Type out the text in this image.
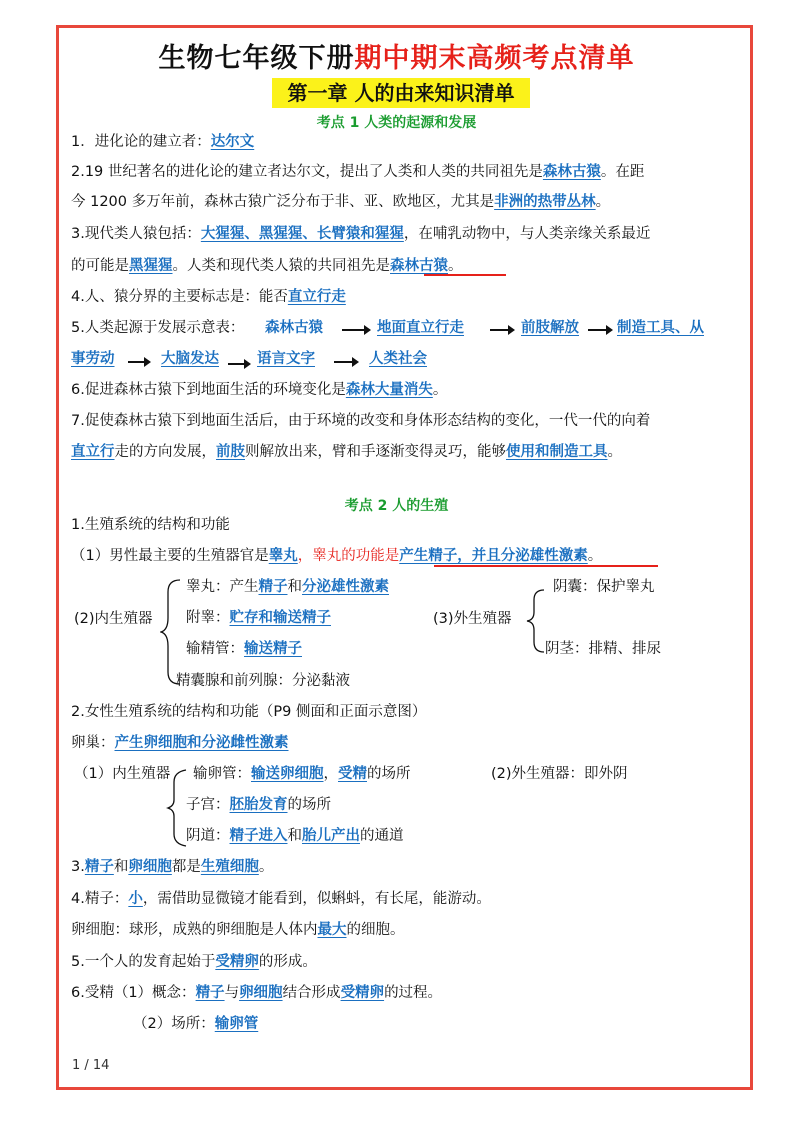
生物七年级下册期中期末高频考点清单
第一章 人的由来知识清单
考点 1 人类的起源和发展
1．进化论的建立者：达尔文
2.19 世纪著名的进化论的建立者达尔文，提出了人类和人类的共同祖先是森林古猿。在距
今 1200 多万年前，森林古猿广泛分布于非、亚、欧地区，尤其是非洲的热带丛林。
3.现代类人猿包括：大猩猩、黑猩猩、长臂猿和猩猩，在哺乳动物中，与人类亲缘关系最近
的可能是黑猩猩。人类和现代类人猿的共同祖先是森林古猿。
4.人、猿分界的主要标志是：能否直立行走
5.人类起源于发展示意表： 森林古猿	地面直立行走	前肢解放	制造工具、从
事劳动	大脑发达	语言文字	人类社会
6.促进森林古猿下到地面生活的环境变化是森林大量消失。
7.促使森林古猿下到地面生活后，由于环境的改变和身体形态结构的变化，一代一代的向着
直立行走的方向发展，前肢则解放出来，臂和手逐渐变得灵巧，能够使用和制造工具。
考点 2 人的生殖
1.生殖系统的结构和功能
（1）男性最主要的生殖器官是睾丸，睾丸的功能是产生精子，并且分泌雄性激素。
(2)内生殖器
睾丸：产生精子和分泌雄性激素
附睾：贮存和输送精子
输精管：输送精子
精囊腺和前列腺：分泌黏液
(3)外生殖器
阴囊：保护睾丸
阴茎：排精、排尿
2.女性生殖系统的结构和功能（P9 侧面和正面示意图）
卵巢：产生卵细胞和分泌雌性激素
（1）内生殖器 输卵管：输送卵细胞，受精的场所	(2)外生殖器：即外阴
子宫：胚胎发育的场所
阴道：精子进入和胎儿产出的通道
3.精子和卵细胞都是生殖细胞。
4.精子：小，需借助显微镜才能看到，似蝌蚪，有长尾，能游动。
卵细胞：球形，成熟的卵细胞是人体内最大的细胞。
5.一个人的发育起始于受精卵的形成。
6.受精（1）概念：精子与卵细胞结合形成受精卵的过程。
（2）场所：输卵管
1 / 14
